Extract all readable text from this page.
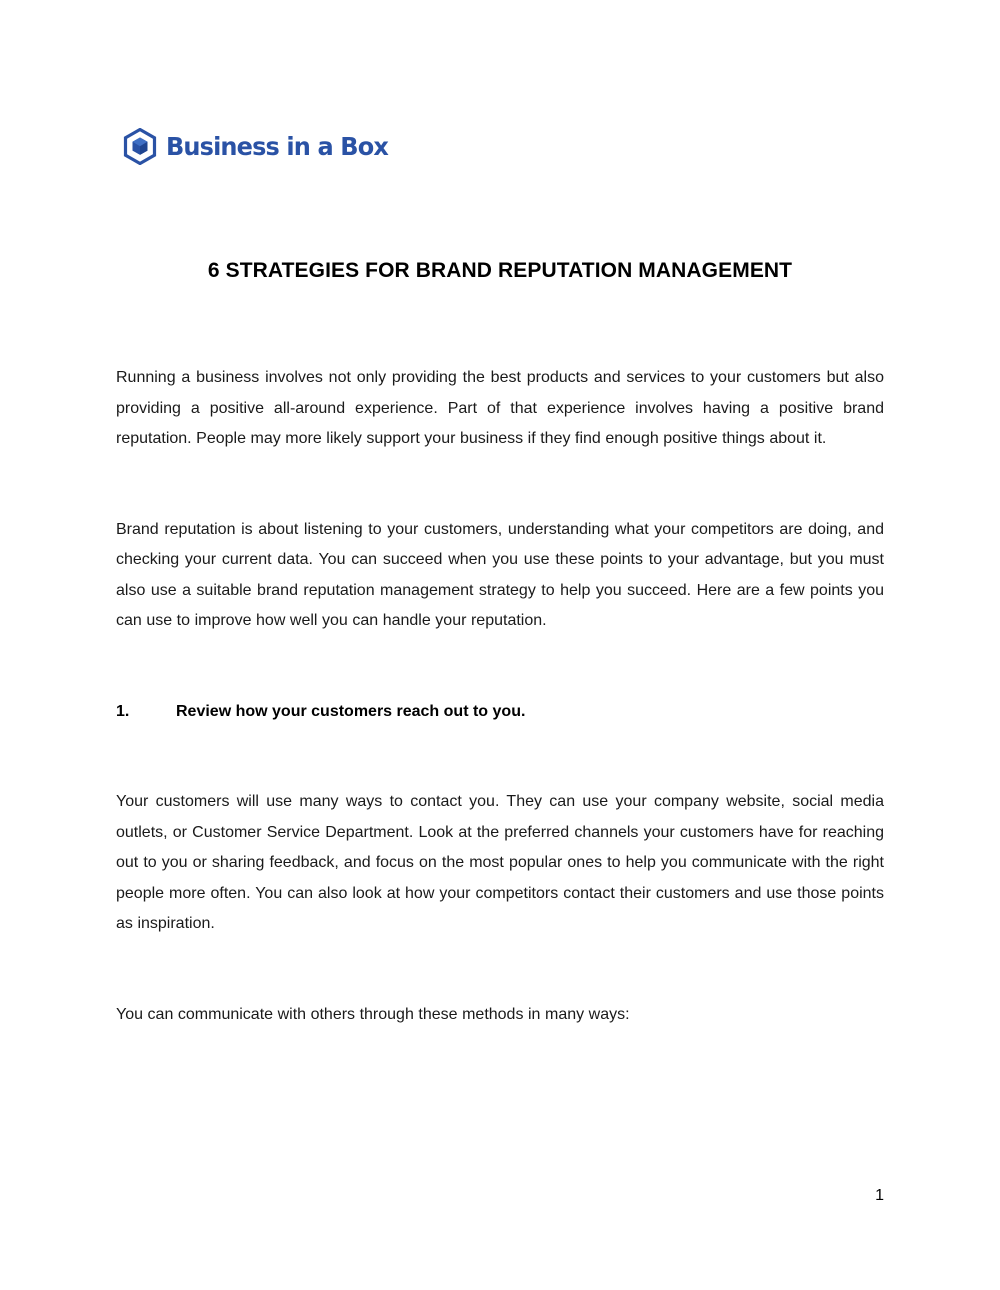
Business in a Box
6 STRATEGIES FOR BRAND REPUTATION MANAGEMENT

Running a business involves not only providing the best products and services to your customers but also providing a positive all-around experience. Part of that experience involves having a positive brand reputation. People may more likely support your business if they find enough positive things about it.

Brand reputation is about listening to your customers, understanding what your competitors are doing, and checking your current data. You can succeed when you use these points to your advantage, but you must also use a suitable brand reputation management strategy to help you succeed. Here are a few points you can use to improve how well you can handle your reputation.

1.	Review how your customers reach out to you.

Your customers will use many ways to contact you. They can use your company website, social media outlets, or Customer Service Department. Look at the preferred channels your customers have for reaching out to you or sharing feedback, and focus on the most popular ones to help you communicate with the right people more often. You can also look at how your competitors contact their customers and use those points as inspiration.

You can communicate with others through these methods in many ways:

1
